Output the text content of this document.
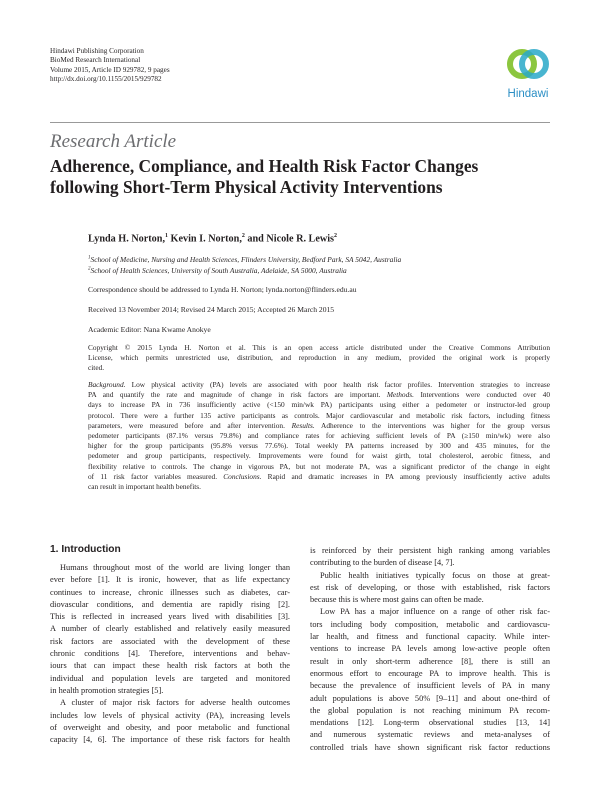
Hindawi Publishing Corporation
BioMed Research International
Volume 2015, Article ID 929782, 9 pages
http://dx.doi.org/10.1155/2015/929782
Hindawi
Research Article
Adherence, Compliance, and Health Risk Factor Changes
following Short-Term Physical Activity Interventions
Lynda H. Norton,$^1$ Kevin I. Norton,$^2$ and Nicole R. Lewis$^2$
$^1$School of Medicine, Nursing and Health Sciences, Flinders University, Bedford Park, SA 5042, Australia
$^2$School of Health Sciences, University of South Australia, Adelaide, SA 5000, Australia
Correspondence should be addressed to Lynda H. Norton; lynda.norton@flinders.edu.au
Received 13 November 2014; Revised 24 March 2015; Accepted 26 March 2015
Academic Editor: Nana Kwame Anokye
Copyright © 2015 Lynda H. Norton et al. This is an open access article distributed under the Creative Commons Attribution
License, which permits unrestricted use, distribution, and reproduction in any medium, provided the original work is properly
cited.
Background. Low physical activity (PA) levels are associated with poor health risk factor profiles. Intervention strategies to increase
PA and quantify the rate and magnitude of change in risk factors are important. Methods. Interventions were conducted over 40
days to increase PA in 736 insufficiently active (<150 min/wk PA) participants using either a pedometer or instructor-led group
protocol. There were a further 135 active participants as controls. Major cardiovascular and metabolic risk factors, including fitness
parameters, were measured before and after intervention. Results. Adherence to the interventions was higher for the group versus
pedometer participants (87.1% versus 79.8%) and compliance rates for achieving sufficient levels of PA (≥150 min/wk) were also
higher for the group participants (95.8% versus 77.6%). Total weekly PA patterns increased by 300 and 435 minutes, for the
pedometer and group participants, respectively. Improvements were found for waist girth, total cholesterol, aerobic fitness, and
flexibility relative to controls. The change in vigorous PA, but not moderate PA, was a significant predictor of the change in eight
of 11 risk factor variables measured. Conclusions. Rapid and dramatic increases in PA among previously insufficiently active adults
can result in important health benefits.
1. Introduction
Humans throughout most of the world are living longer than
ever before [1]. It is ironic, however, that as life expectancy
continues to increase, chronic illnesses such as diabetes, car-
diovascular conditions, and dementia are rapidly rising [2].
This is reflected in increased years lived with disabilities [3].
A number of clearly established and relatively easily measured
risk factors are associated with the development of these
chronic conditions [4]. Therefore, interventions and behav-
iours that can impact these health risk factors at both the
individual and population levels are targeted and monitored
in health promotion strategies [5].
A cluster of major risk factors for adverse health outcomes
includes low levels of physical activity (PA), increasing levels
of overweight and obesity, and poor metabolic and functional
capacity [4, 6]. The importance of these risk factors for health
is reinforced by their persistent high ranking among variables
contributing to the burden of disease [4, 7].
Public health initiatives typically focus on those at great-
est risk of developing, or those with established, risk factors
because this is where most gains can often be made.
Low PA has a major influence on a range of other risk fac-
tors including body composition, metabolic and cardiovascu-
lar health, and fitness and functional capacity. While inter-
ventions to increase PA levels among low-active people often
result in only short-term adherence [8], there is still an
enormous effort to encourage PA to improve health. This is
because the prevalence of insufficient levels of PA in many
adult populations is above 50% [9–11] and about one-third of
the global population is not reaching minimum PA recom-
mendations [12]. Long-term observational studies [13, 14]
and numerous systematic reviews and meta-analyses of
controlled trials have shown significant risk factor reductions
